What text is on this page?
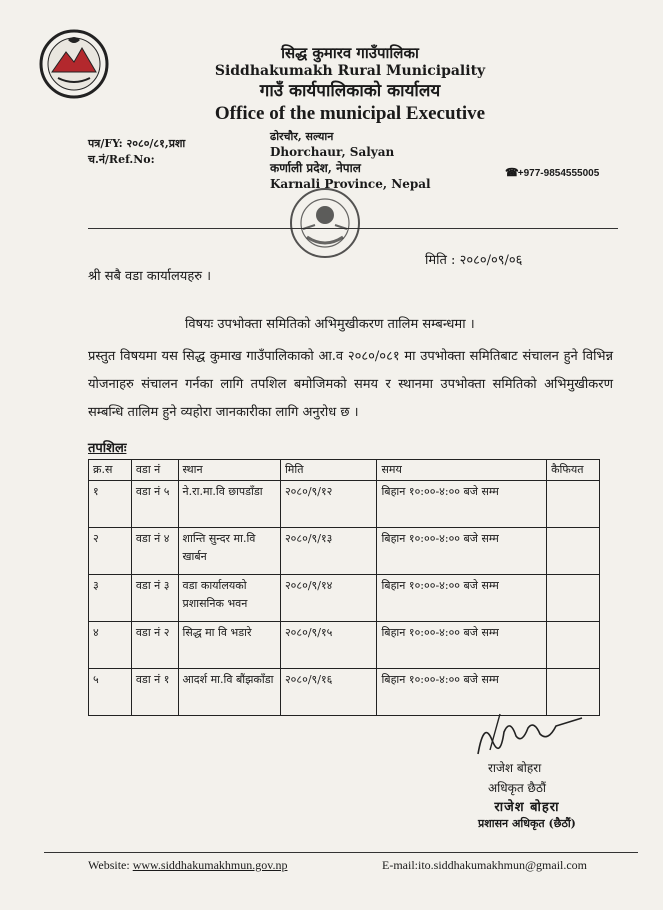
सिद्ध कुमारव गाउँपालिका
Siddhakumakh Rural Municipality
गाउँ कार्यपालिकाको कार्यालय
Office of the municipal Executive
ढोरचौर, सल्यान
Dhorchaur, Salyan
कर्णाली प्रदेश, नेपाल
Karnali Province, Nepal
पत्र/FY: २०८०/८१,प्रशा
च.नं/Ref.No:
☎ +977-9854555005
मिति : २०८०/०९/०६
श्री सबै वडा कार्यालयहरु ।
विषयः उपभोक्ता समितिको अभिमुखीकरण तालिम सम्बन्धमा ।
प्रस्तुत विषयमा यस सिद्ध कुमाख गाउँपालिकाको आ.व २०८०/०८१ मा उपभोक्ता समितिबाट संचालन हुने विभिन्न योजनाहरु संचालन गर्नका लागि तपशिल बमोजिमको समय र स्थानमा उपभोक्ता समितिको अभिमुखीकरण सम्बन्धि तालिम हुने व्यहोरा जानकारीका लागि अनुरोध छ ।
तपशिलः
क्र.स	वडा नं	स्थान	मिति	समय	कैफियत
१	वडा नं ५	ने.रा.मा.वि छापडाँडा	२०८०/९/१२	बिहान १०:००-४:०० बजे सम्म	
२	वडा नं ४	शान्ति सुन्दर मा.वि खार्बन	२०८०/९/१३	बिहान १०:००-४:०० बजे सम्म	
३	वडा नं ३	वडा कार्यालयको प्रशासनिक भवन	२०८०/९/१४	बिहान १०:००-४:०० बजे सम्म	
४	वडा नं २	सिद्ध मा वि भडारे	२०८०/९/१५	बिहान १०:००-४:०० बजे सम्म	
५	वडा नं १	आदर्श मा.वि बौंझकाँडा	२०८०/९/१६	बिहान १०:००-४:०० बजे सम्म	
राजेश बोहरा
अधिकृत छैठौं
राजेश बोहरा
प्रशासन अधिकृत (छैठौं)
Website: www.siddhakumakhmun.gov.np	E-mail:ito.siddhakumakhmun@gmail.com
